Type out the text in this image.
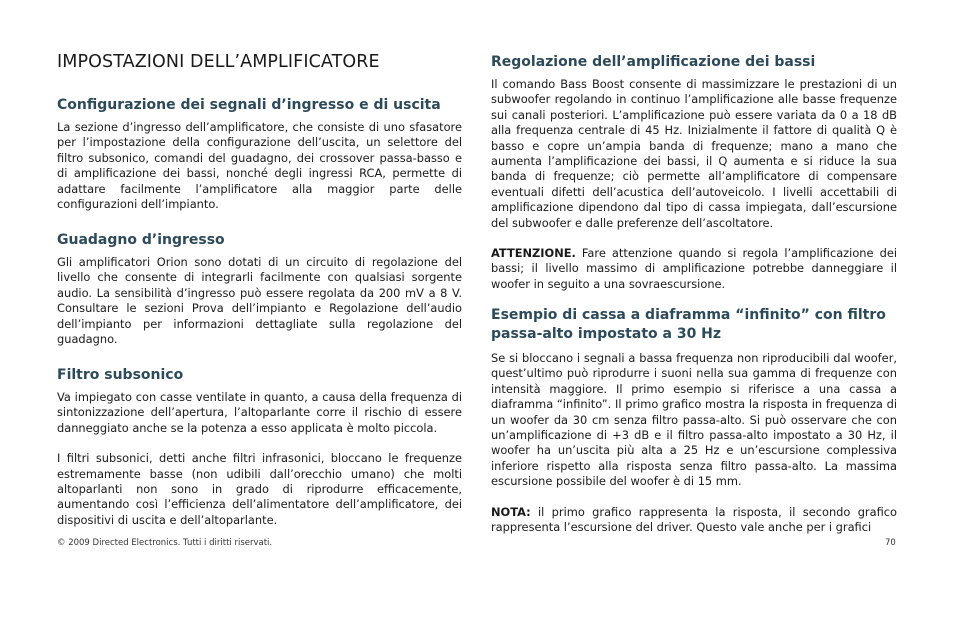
IMPOSTAZIONI DELL’AMPLIFICATORE
Configurazione dei segnali d’ingresso e di uscita

La sezione d’ingresso dell’amplificatore, che consiste di uno sfasatore per l’impostazione della configurazione dell’uscita, un selettore del filtro subsonico, comandi del guadagno, dei crossover passa-basso e di amplificazione dei bassi, nonché degli ingressi RCA, permette di adattare facilmente l’amplificatore alla maggior parte delle configurazioni dell’impianto.

Guadagno d’ingresso

Gli amplificatori Orion sono dotati di un circuito di regolazione del livello che consente di integrarli facilmente con qualsiasi sorgente audio. La sensibilità d’ingresso può essere regolata da 200 mV a 8 V. Consultare le sezioni Prova dell’impianto e Regolazione dell’audio dell’impianto per informazioni dettagliate sulla regolazione del guadagno.

Filtro subsonico

Va impiegato con casse ventilate in quanto, a causa della frequenza di sintonizzazione dell’apertura, l’altoparlante corre il rischio di essere danneggiato anche se la potenza a esso applicata è molto piccola.

I filtri subsonici, detti anche filtri infrasonici, bloccano le frequenze estremamente basse (non udibili dall’orecchio umano) che molti altoparlanti non sono in grado di riprodurre efficacemente, aumentando così l’efficienza dell’alimentatore dell’amplificatore, dei dispositivi di uscita e dell’altoparlante.

Regolazione dell’amplificazione dei bassi

Il comando Bass Boost consente di massimizzare le prestazioni di un subwoofer regolando in continuo l’amplificazione alle basse frequenze sui canali posteriori. L’amplificazione può essere variata da 0 a 18 dB alla frequenza centrale di 45 Hz. Inizialmente il fattore di qualità Q è basso e copre un’ampia banda di frequenze; mano a mano che aumenta l’amplificazione dei bassi, il Q aumenta e si riduce la sua banda di frequenze; ciò permette all’amplificatore di compensare eventuali difetti dell’acustica dell’autoveicolo. I livelli accettabili di amplificazione dipendono dal tipo di cassa impiegata, dall’escursione del subwoofer e dalle preferenze dell’ascoltatore.

ATTENZIONE. Fare attenzione quando si regola l’amplificazione dei bassi; il livello massimo di amplificazione potrebbe danneggiare il woofer in seguito a una sovraescursione.

Esempio di cassa a diaframma “infinito” con filtro passa-alto impostato a 30 Hz

Se si bloccano i segnali a bassa frequenza non riproducibili dal woofer, quest’ultimo può riprodurre i suoni nella sua gamma di frequenze con intensità maggiore. Il primo esempio si riferisce a una cassa a diaframma “infinito”. Il primo grafico mostra la risposta in frequenza di un woofer da 30 cm senza filtro passa-alto. Si può osservare che con un’amplificazione di +3 dB e il filtro passa-alto impostato a 30 Hz, il woofer ha un’uscita più alta a 25 Hz e un’escursione complessiva inferiore rispetto alla risposta senza filtro passa-alto. La massima escursione possibile del woofer è di 15 mm.

NOTA: il primo grafico rappresenta la risposta, il secondo grafico rappresenta l’escursione del driver. Questo vale anche per i grafici

© 2009 Directed Electronics. Tutti i diritti riservati.	70
